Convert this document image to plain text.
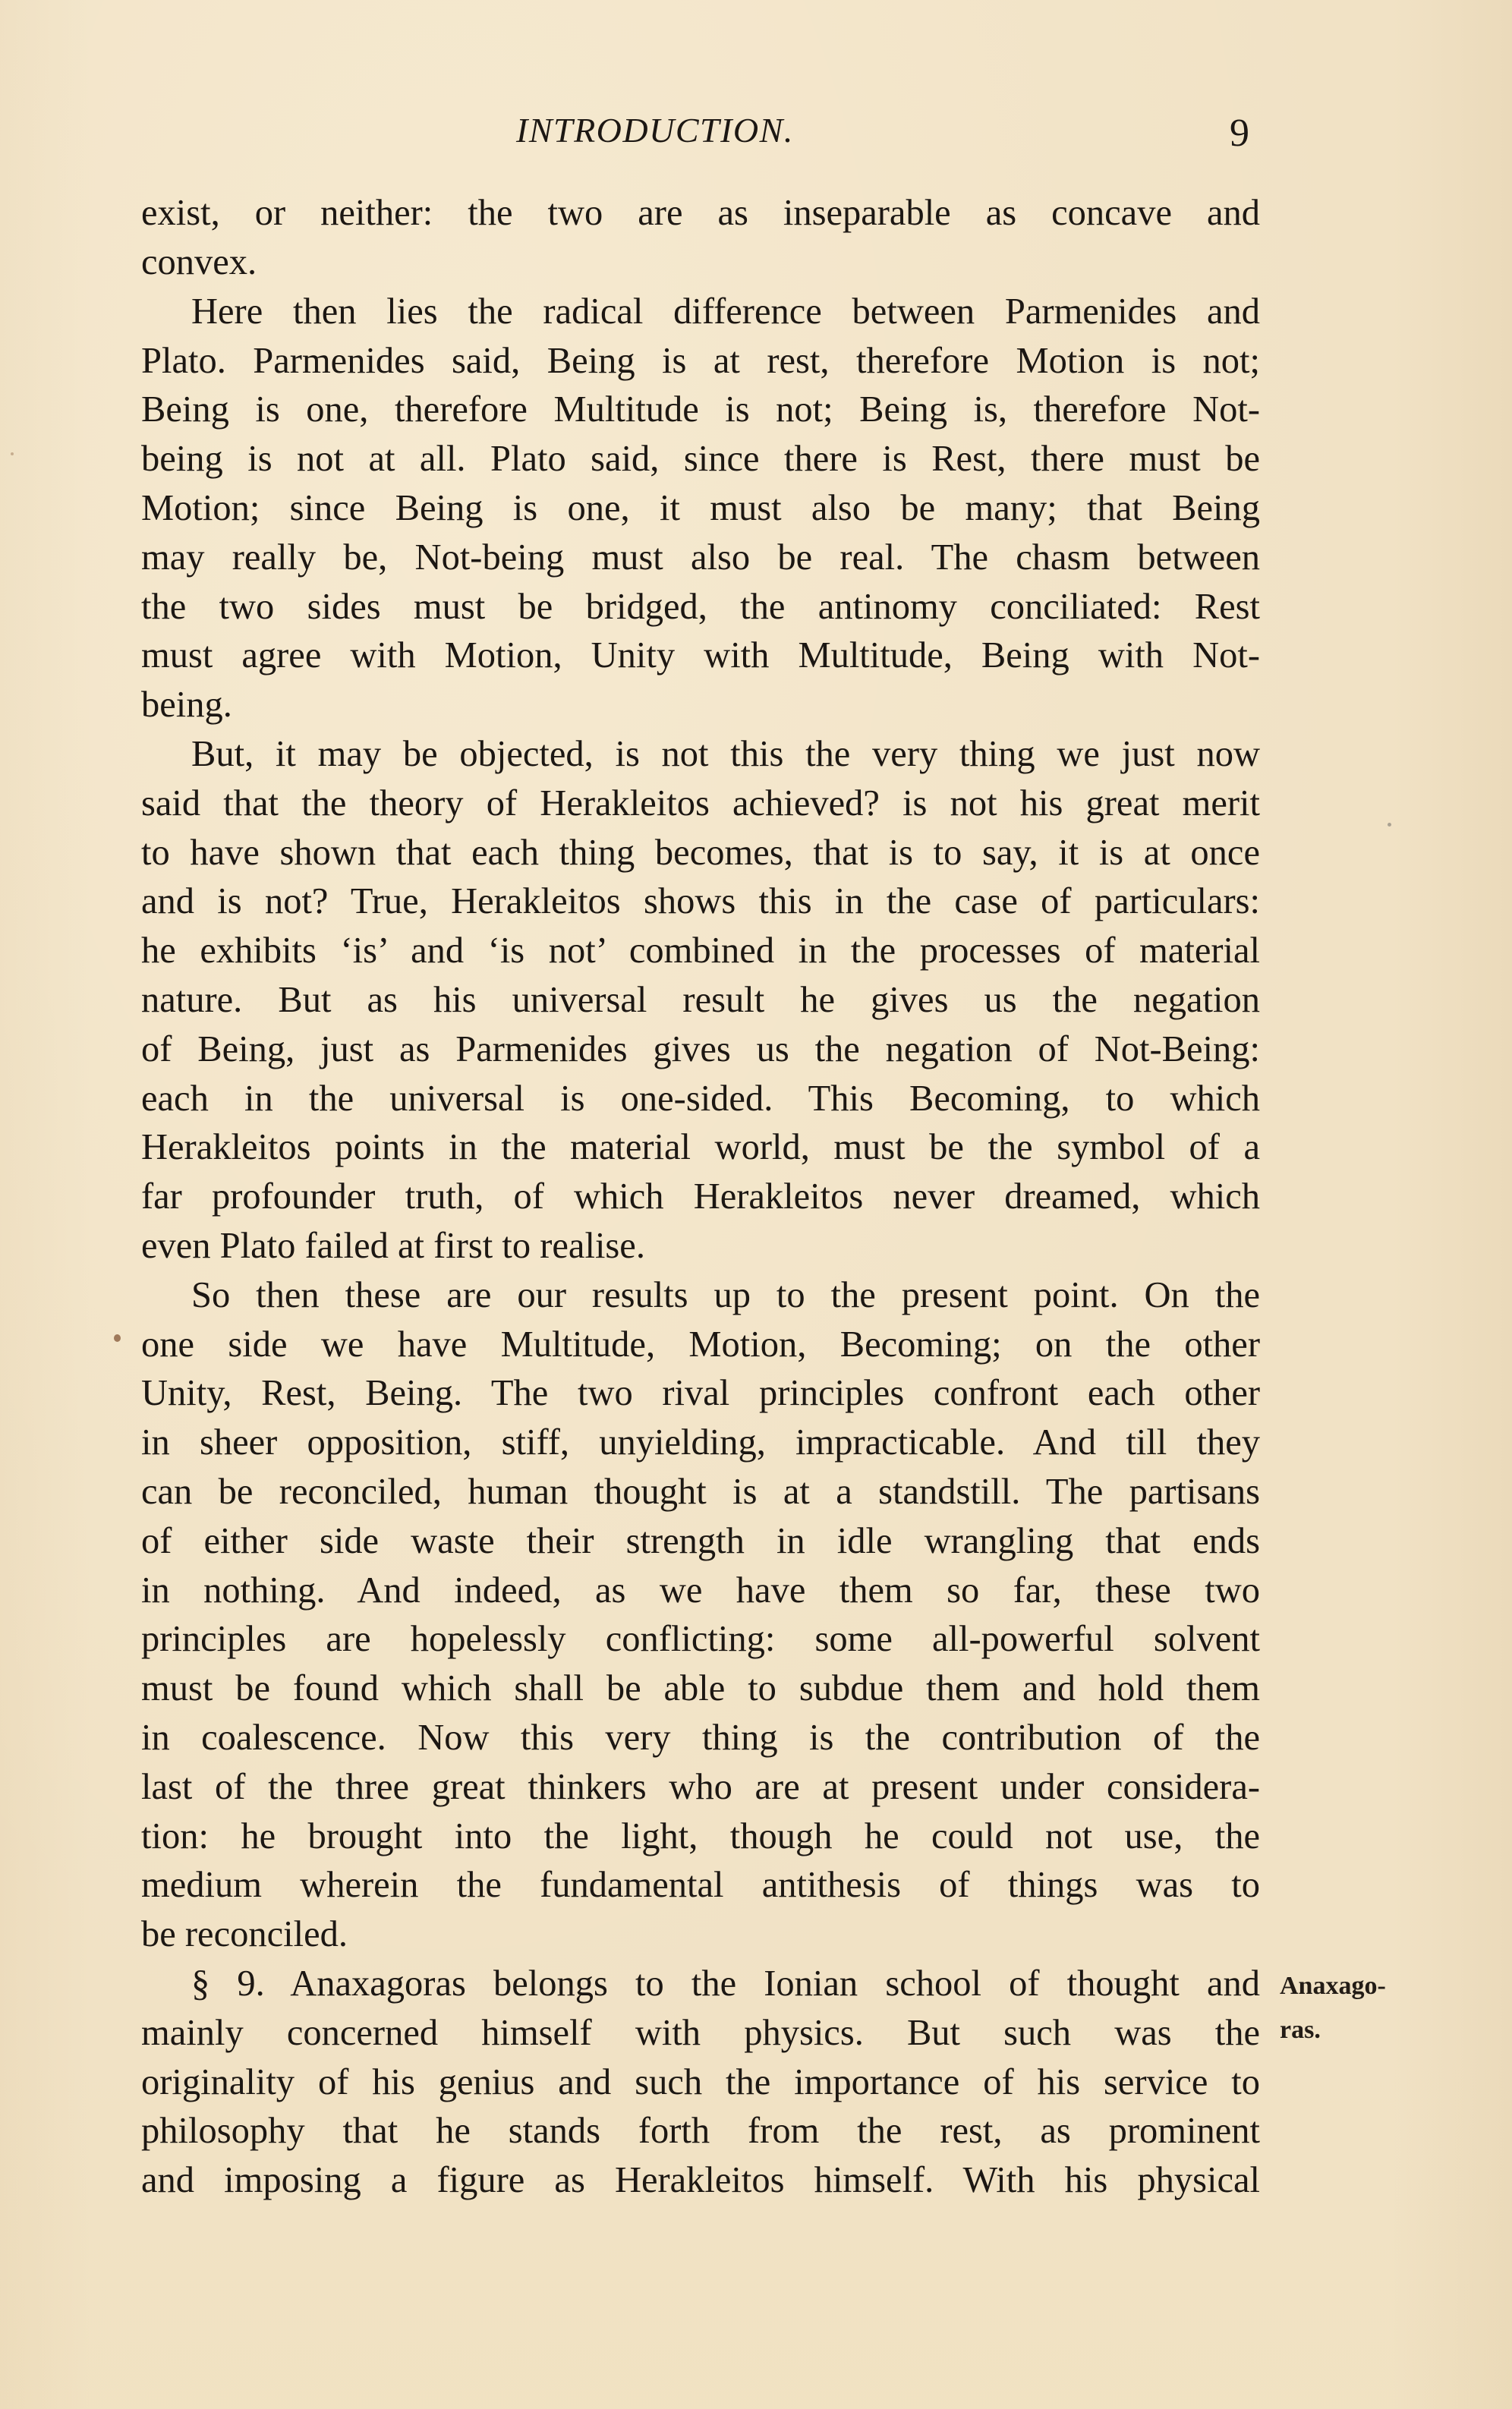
INTRODUCTION.	9
exist, or neither: the two are as inseparable as concave and
convex.
Here then lies the radical difference between Parmenides and
Plato. Parmenides said, Being is at rest, therefore Motion is not;
Being is one, therefore Multitude is not; Being is, therefore Not-
being is not at all. Plato said, since there is Rest, there must be
Motion; since Being is one, it must also be many; that Being
may really be, Not-being must also be real. The chasm between
the two sides must be bridged, the antinomy conciliated: Rest
must agree with Motion, Unity with Multitude, Being with Not-
being.
But, it may be objected, is not this the very thing we just now
said that the theory of Herakleitos achieved? is not his great merit
to have shown that each thing becomes, that is to say, it is at once
and is not? True, Herakleitos shows this in the case of particulars:
he exhibits ‘is’ and ‘is not’ combined in the processes of material
nature. But as his universal result he gives us the negation
of Being, just as Parmenides gives us the negation of Not-Being:
each in the universal is one-sided. This Becoming, to which
Herakleitos points in the material world, must be the symbol of a
far profounder truth, of which Herakleitos never dreamed, which
even Plato failed at first to realise.
So then these are our results up to the present point. On the
one side we have Multitude, Motion, Becoming; on the other
Unity, Rest, Being. The two rival principles confront each other
in sheer opposition, stiff, unyielding, impracticable. And till they
can be reconciled, human thought is at a standstill. The partisans
of either side waste their strength in idle wrangling that ends
in nothing. And indeed, as we have them so far, these two
principles are hopelessly conflicting: some all-powerful solvent
must be found which shall be able to subdue them and hold them
in coalescence. Now this very thing is the contribution of the
last of the three great thinkers who are at present under considera-
tion: he brought into the light, though he could not use, the
medium wherein the fundamental antithesis of things was to
be reconciled.
§ 9. Anaxagoras belongs to the Ionian school of thought and
mainly concerned himself with physics. But such was the
originality of his genius and such the importance of his service to
philosophy that he stands forth from the rest, as prominent
and imposing a figure as Herakleitos himself. With his physical
Anaxago-
ras.
